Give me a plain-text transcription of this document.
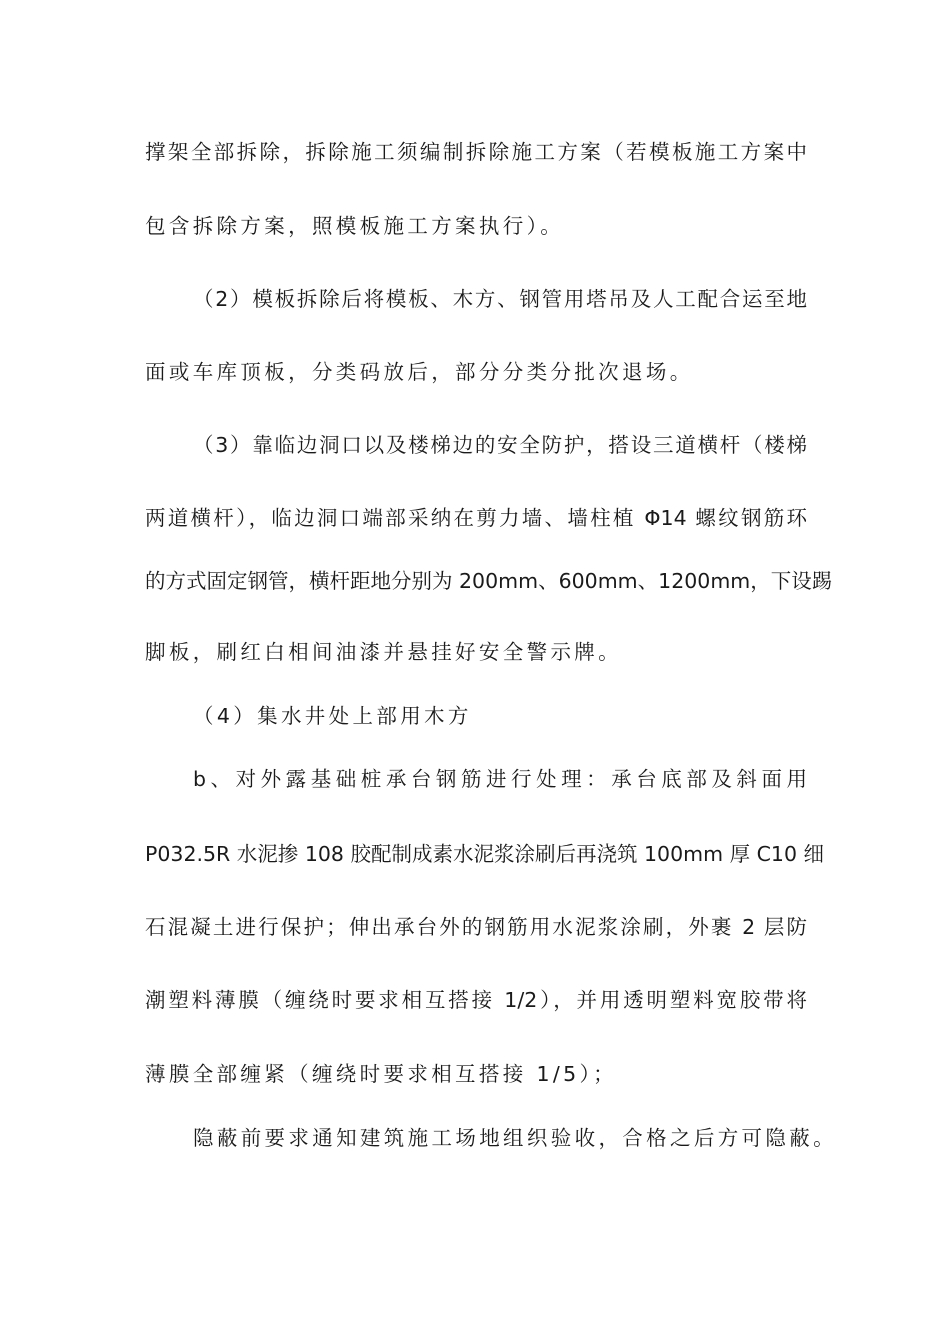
撑架全部拆除，拆除施工须编制拆除施工方案（若模板施工方案中
包含拆除方案，照模板施工方案执行）。
（2）模板拆除后将模板、木方、钢管用塔吊及人工配合运至地
面或车库顶板，分类码放后，部分分类分批次退场。
（3）靠临边洞口以及楼梯边的安全防护，搭设三道横杆（楼梯
两道横杆），临边洞口端部采纳在剪力墙、墙柱植 Φ14 螺纹钢筋环
的方式固定钢管，横杆距地分别为 200mm、600mm、1200mm，下设踢
脚板，刷红白相间油漆并悬挂好安全警示牌。
（4）集水井处上部用木方
b、对外露基础桩承台钢筋进行处理：承台底部及斜面用
P032.5R 水泥掺 108 胶配制成素水泥浆涂刷后再浇筑 100mm 厚 C10 细
石混凝土进行保护；伸出承台外的钢筋用水泥浆涂刷，外裹 2 层防
潮塑料薄膜（缠绕时要求相互搭接 1/2），并用透明塑料宽胶带将
薄膜全部缠紧（缠绕时要求相互搭接 1/5）；
隐蔽前要求通知建筑施工场地组织验收，合格之后方可隐蔽。
